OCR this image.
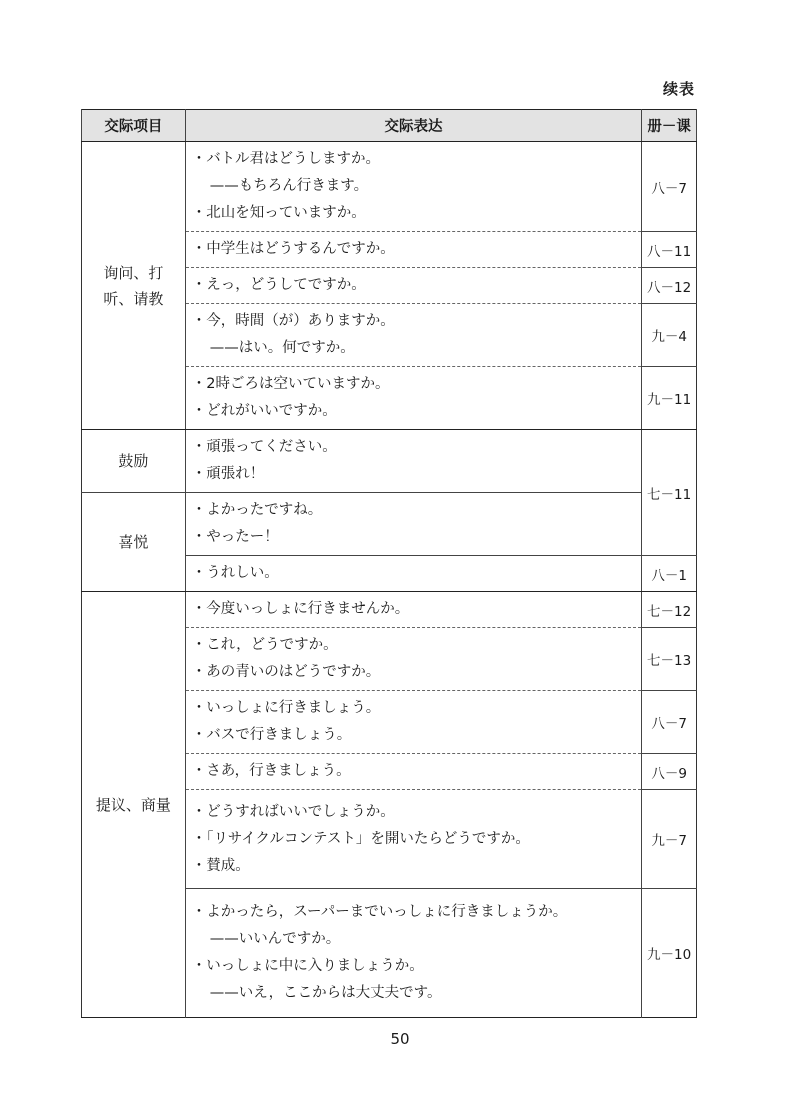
续表
交际项目	交际表达	册－课

询问、打听、请教	・バトル君はどうしますか。
——もちろん行きます。
・北山を知っていますか。	八－7

	・中学生はどうするんですか。	八－11

	・えっ，どうしてですか。	八－12

	・今，時間（が）ありますか。
——はい。何ですか。	九－4

	・2時ごろは空いていますか。
・どれがいいですか。	九－11
鼓励	・頑張ってください。
・頑張れ！	七－11
喜悦	・よかったですね。
・やったー！	

	・うれしい。	八－1
提议、商量	・今度いっしょに行きませんか。	七－12

	・これ，どうですか。
・あの青いのはどうですか。	七－13

	・いっしょに行きましょう。
・バスで行きましょう。	八－7

	・さあ，行きましょう。	八－9

	・どうすればいいでしょうか。
・「リサイクルコンテスト」を開いたらどうですか。
・賛成。	九－7

	・よかったら，スーパーまでいっしょに行きましょうか。
——いいんですか。
・いっしょに中に入りましょうか。
——いえ，ここからは大丈夫です。	九－10
50
